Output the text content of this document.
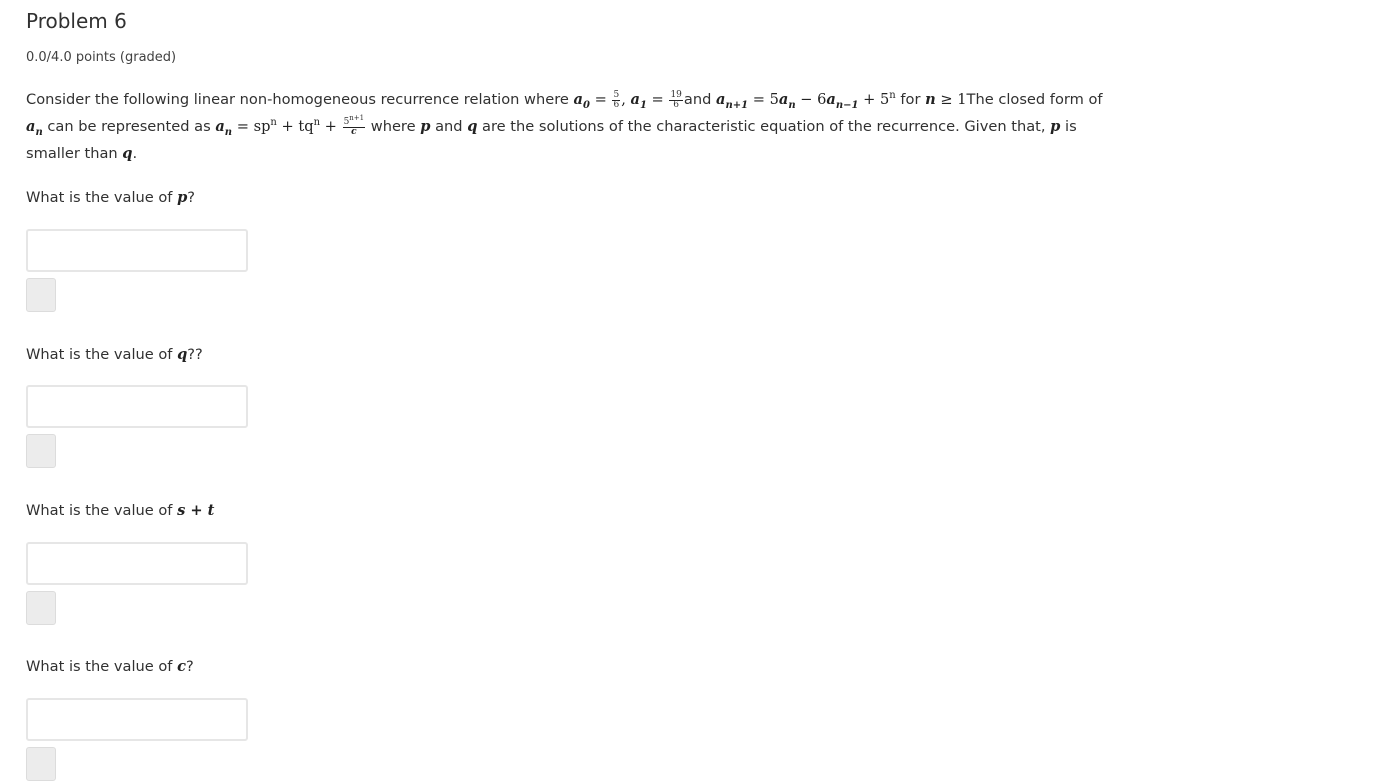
Problem 6
0.0/4.0 points (graded)
Consider the following linear non-homogeneous recurrence relation where $a_0 = \frac{5}{6}$ , $a_1 = \frac{19}{6}$ and $a_{n+1} = 5a_n - 6a_{n-1} + 5^n$ for n ≥ 1The closed form of $a_n$ can be represented as $a_n = sp^n + tq^n + \frac{5^{n+1}}{c}$ where p and q are the solutions of the characteristic equation of the recurrence. Given that, p is smaller than q.
What is the value of p?
What is the value of q??
What is the value of s + t
What is the value of c?
